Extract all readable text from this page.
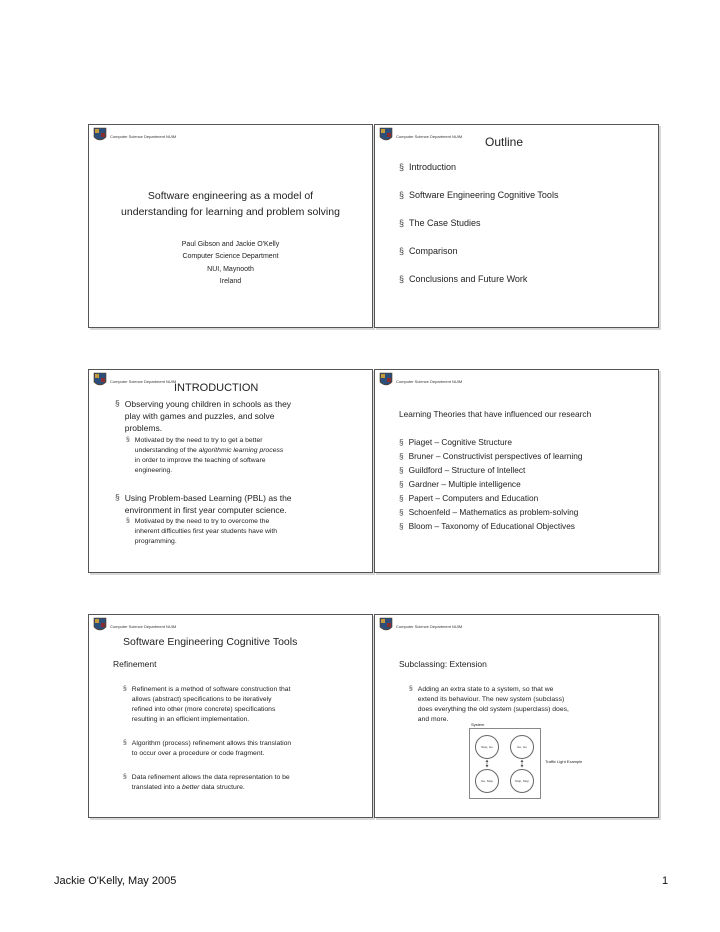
Computer Science Department NUIM
Software engineering as a model of
understanding for learning and problem solving
Paul Gibson and Jackie O'Kelly
Computer Science Department
NUI, Maynooth
Ireland
Computer Science Department NUIM Outline
§ Introduction
§ Software Engineering Cognitive Tools
§ The Case Studies
§ Comparison
§ Conclusions and Future Work
Computer Science Department NUIM
INTRODUCTION
§ Observing young children in schools as they
play with games and puzzles, and solve
problems.
§ Motivated by the need to try to get a better
understanding of the algorithmic learning process
in order to improve the teaching of software
engineering.
§ Using Problem-based Learning (PBL) as the
environment in first year computer science.
§ Motivated by the need to try to overcome the
inherent difficulties first year students have with
programming.
Computer Science Department NUIM
Learning Theories that have influenced our research
§ Piaget – Cognitive Structure
§ Bruner – Constructivist perspectives of learning
§ Guildford – Structure of Intellect
§ Gardner – Multiple intelligence
§ Papert – Computers and Education
§ Schoenfeld – Mathematics as problem-solving
§ Bloom – Taxonomy of Educational Objectives
Computer Science Department NUIM
Software Engineering Cognitive Tools
Refinement
§ Refinement is a method of software construction that
allows (abstract) specifications to be iteratively
refined into other (more concrete) specifications
resulting in an efficient implementation.
§ Algorithm (process) refinement allows this translation
to occur over a procedure or code fragment.
§ Data refinement allows the data representation to be
translated into a better data structure.
Computer Science Department NUIM
Subclassing: Extension
§ Adding an extra state to a system, so that we
extend its behaviour. The new system (subclass)
does everything the old system (superclass) does,
and more.
System
Stop, Go	Go, Go
Go, Stop	Stop, Stop
Traffic Light Example
Jackie O'Kelly, May 2005	1
